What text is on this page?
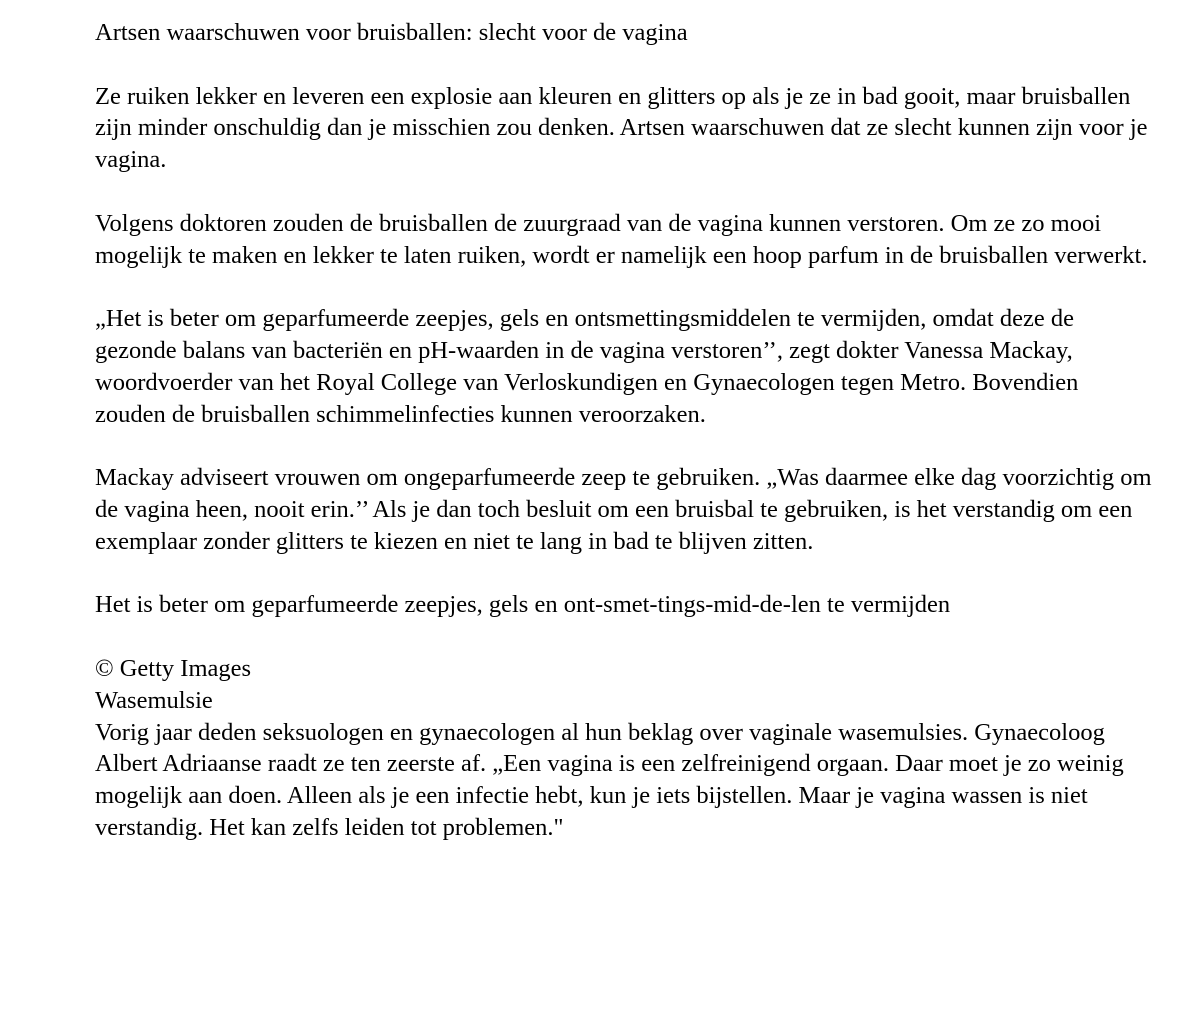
Artsen waarschuwen voor bruisballen: slecht voor de vagina

Ze ruiken lekker en leveren een explosie aan kleuren en glitters op als je ze in bad gooit, maar bruisballen zijn minder onschuldig dan je misschien zou denken. Artsen waarschuwen dat ze slecht kunnen zijn voor je vagina.

Volgens doktoren zouden de bruisballen de zuurgraad van de vagina kunnen verstoren. Om ze zo mooi mogelijk te maken en lekker te laten ruiken, wordt er namelijk een hoop parfum in de bruisballen verwerkt.

„Het is beter om geparfumeerde zeepjes, gels en ontsmettingsmiddelen te vermijden, omdat deze de gezonde balans van bacteriën en pH-waarden in de vagina verstoren’’, zegt dokter Vanessa Mackay, woordvoerder van het Royal College van Verloskundigen en Gynaecologen tegen Metro. Bovendien zouden de bruisballen schimmelinfecties kunnen veroorzaken.

Mackay adviseert vrouwen om ongeparfumeerde zeep te gebruiken. „Was daarmee elke dag voorzichtig om de vagina heen, nooit erin.’’ Als je dan toch besluit om een bruisbal te gebruiken, is het verstandig om een exemplaar zonder glitters te kiezen en niet te lang in bad te blijven zitten.

Het is beter om geparfumeerde zeepjes, gels en ont-smet-tings-mid-de-len te vermijden

© Getty Images

Wasemulsie

Vorig jaar deden seksuologen en gynaecologen al hun beklag over vaginale wasemulsies. Gynaecoloog Albert Adriaanse raadt ze ten zeerste af. „Een vagina is een zelfreinigend orgaan. Daar moet je zo weinig mogelijk aan doen. Alleen als je een infectie hebt, kun je iets bijstellen. Maar je vagina wassen is niet verstandig. Het kan zelfs leiden tot problemen."
